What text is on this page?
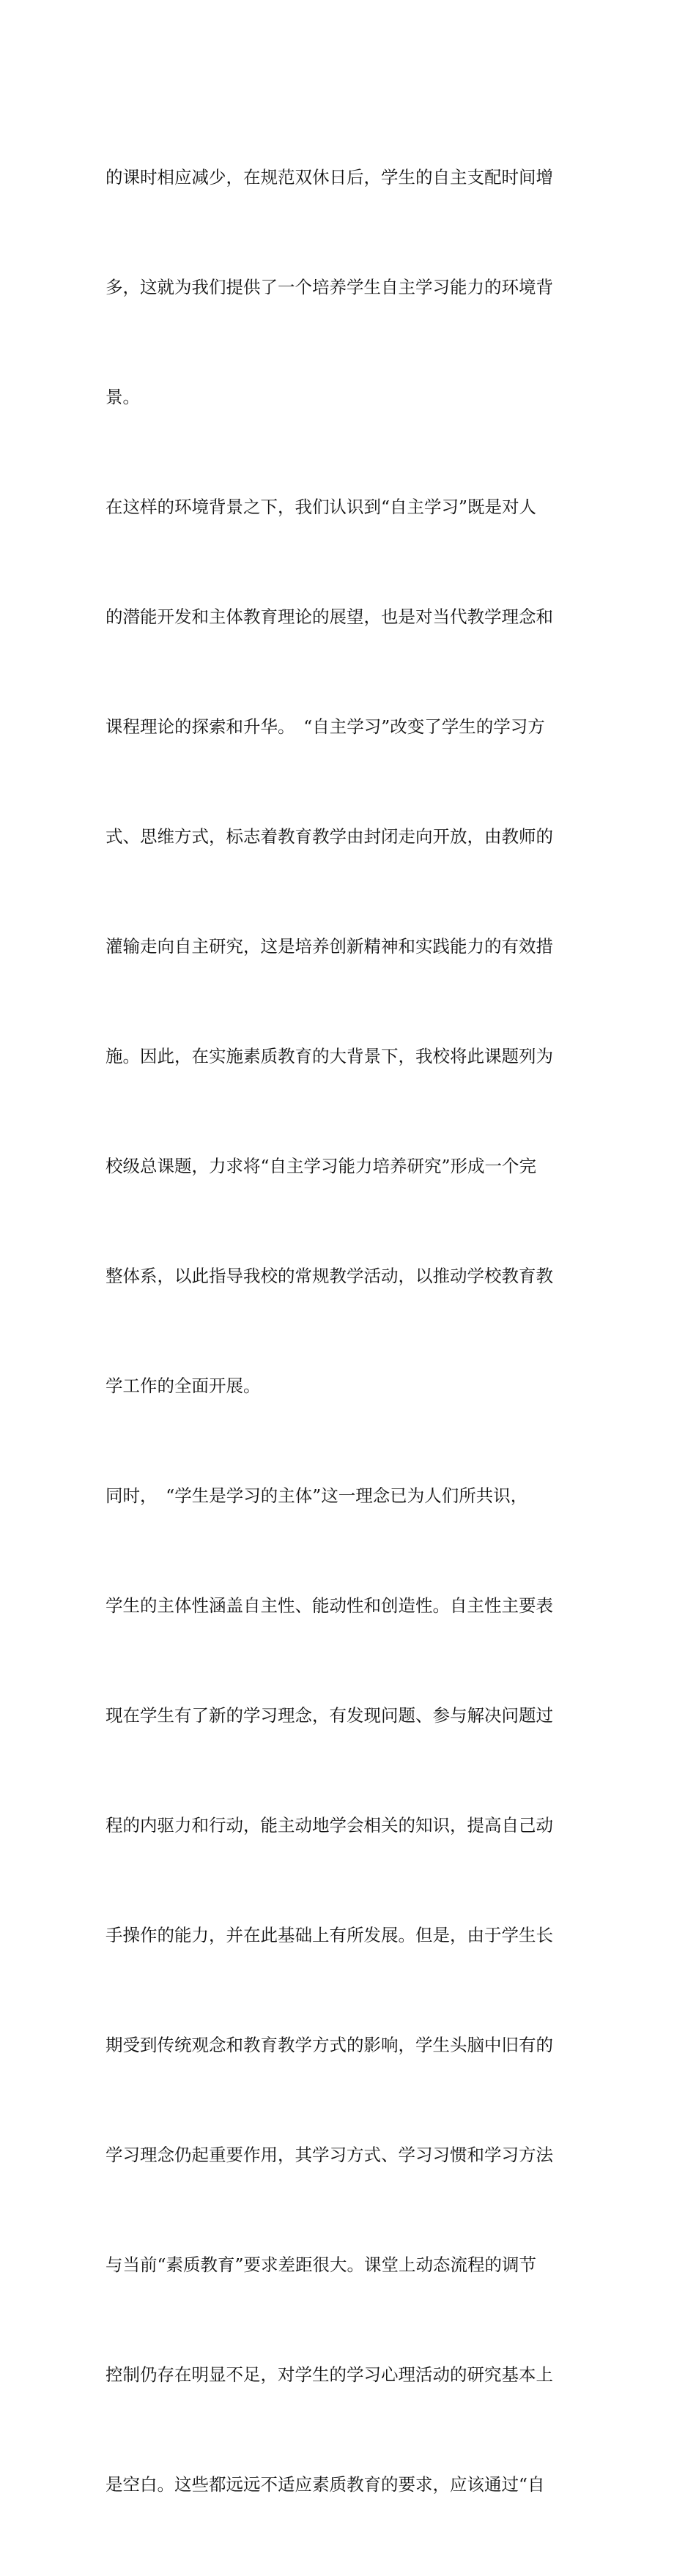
的课时相应减少，在规范双休日后，学生的自主支配时间增

多，这就为我们提供了一个培养学生自主学习能力的环境背

景。

在这样的环境背景之下，我们认识到“自主学习”既是对人

的潜能开发和主体教育理论的展望，也是对当代教学理念和

课程理论的探索和升华。　“自主学习”改变了学生的学习方

式、思维方式，标志着教育教学由封闭走向开放，由教师的

灌输走向自主研究，这是培养创新精神和实践能力的有效措

施。因此，在实施素质教育的大背景下，我校将此课题列为

校级总课题，力求将“自主学习能力培养研究”形成一个完

整体系，以此指导我校的常规教学活动，以推动学校教育教

学工作的全面开展。

同时，　“学生是学习的主体”这一理念已为人们所共识，

学生的主体性涵盖自主性、能动性和创造性。自主性主要表

现在学生有了新的学习理念，有发现问题、参与解决问题过

程的内驱力和行动，能主动地学会相关的知识，提高自己动

手操作的能力，并在此基础上有所发展。但是，由于学生长

期受到传统观念和教育教学方式的影响，学生头脑中旧有的

学习理念仍起重要作用，其学习方式、学习习惯和学习方法

与当前“素质教育”要求差距很大。课堂上动态流程的调节

控制仍存在明显不足，对学生的学习心理活动的研究基本上

是空白。这些都远远不适应素质教育的要求，应该通过“自
